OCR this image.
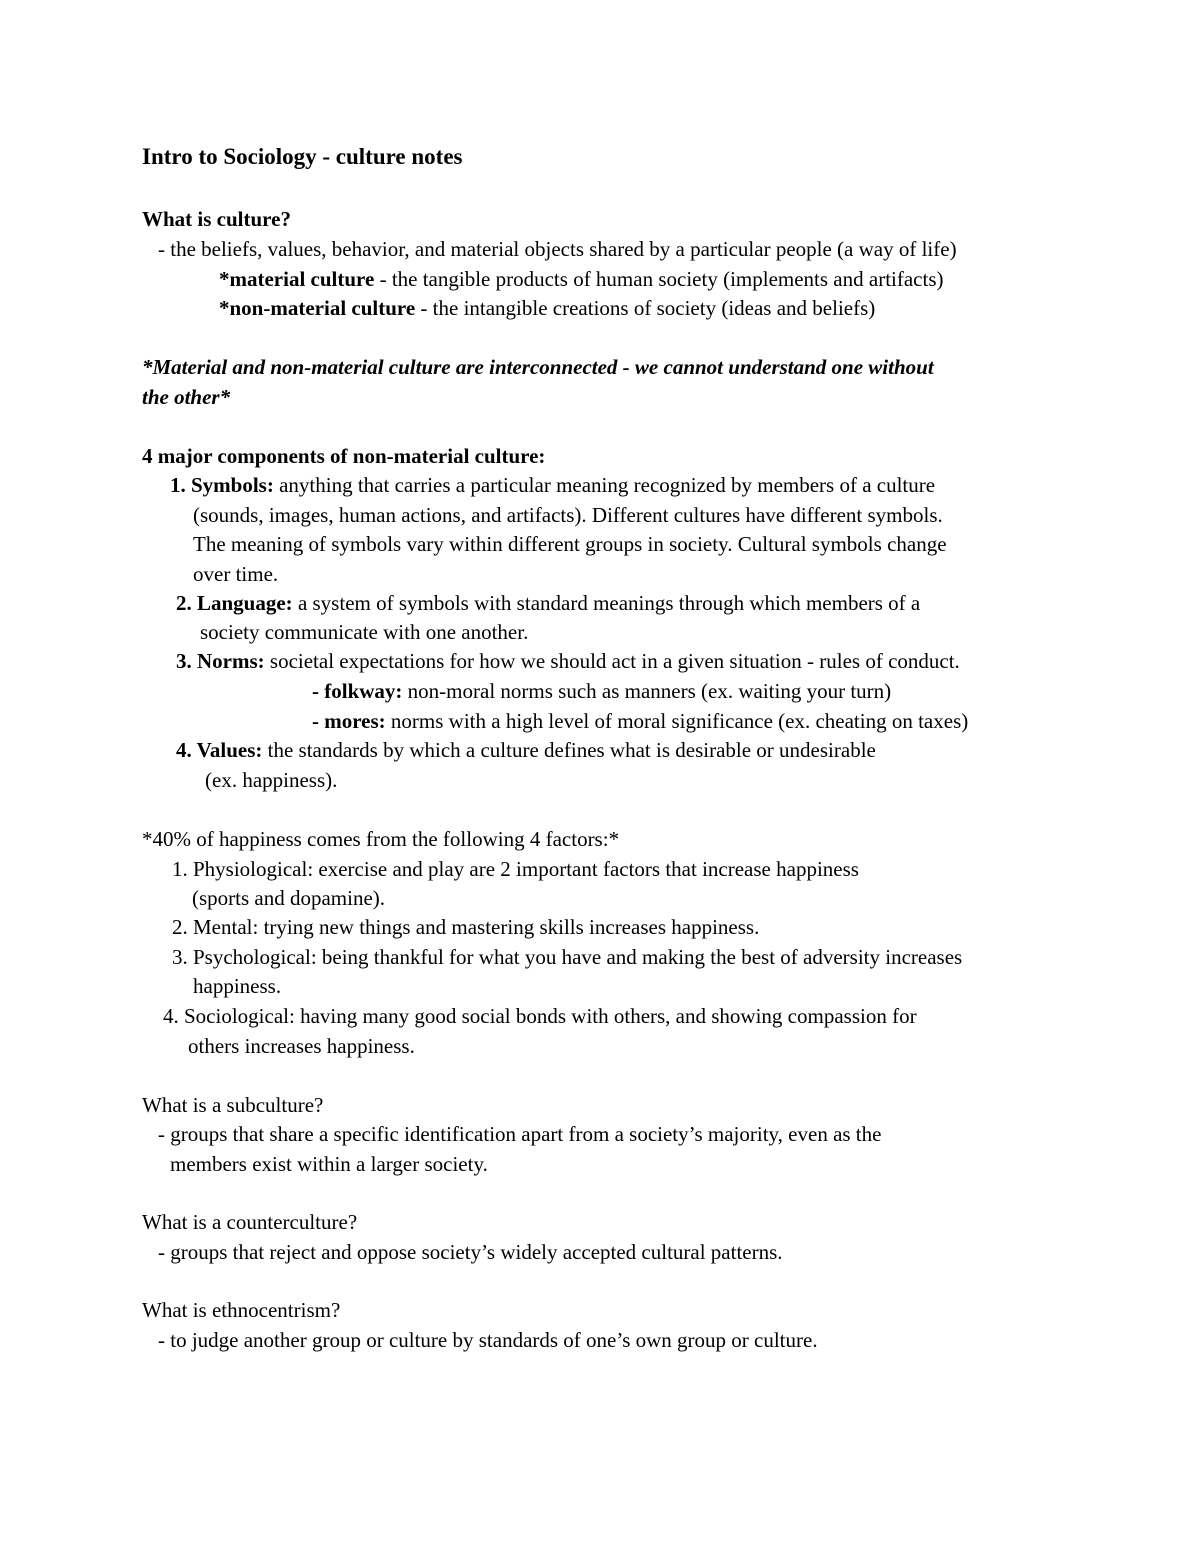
Intro to Sociology - culture notes
What is culture?
- the beliefs, values, behavior, and material objects shared by a particular people (a way of life)
*material culture - the tangible products of human society (implements and artifacts)
*non-material culture - the intangible creations of society (ideas and beliefs)
*Material and non-material culture are interconnected - we cannot understand one without
the other*
4 major components of non-material culture:
1. Symbols: anything that carries a particular meaning recognized by members of a culture
(sounds, images, human actions, and artifacts). Different cultures have different symbols.
The meaning of symbols vary within different groups in society. Cultural symbols change
over time.
2. Language: a system of symbols with standard meanings through which members of a
society communicate with one another.
3. Norms: societal expectations for how we should act in a given situation - rules of conduct.
- folkway: non-moral norms such as manners (ex. waiting your turn)
- mores: norms with a high level of moral significance (ex. cheating on taxes)
4. Values: the standards by which a culture defines what is desirable or undesirable
(ex. happiness).
*40% of happiness comes from the following 4 factors:*
1. Physiological: exercise and play are 2 important factors that increase happiness
(sports and dopamine).
2. Mental: trying new things and mastering skills increases happiness.
3. Psychological: being thankful for what you have and making the best of adversity increases
happiness.
4. Sociological: having many good social bonds with others, and showing compassion for
others increases happiness.
What is a subculture?
- groups that share a specific identification apart from a society’s majority, even as the
members exist within a larger society.
What is a counterculture?
- groups that reject and oppose society’s widely accepted cultural patterns.
What is ethnocentrism?
- to judge another group or culture by standards of one’s own group or culture.
